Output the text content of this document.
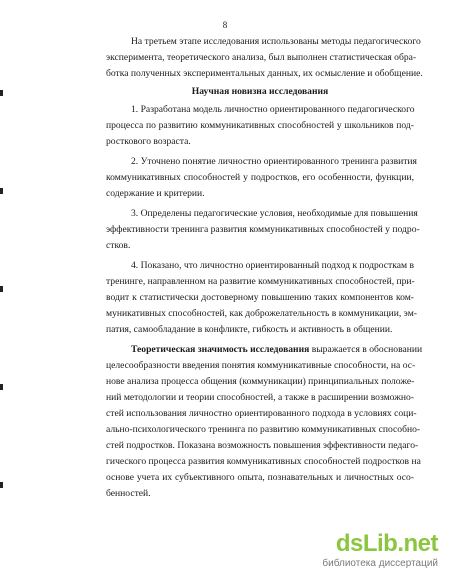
8
На третьем этапе исследования использованы методы педагогического
эксперимента, теоретического анализа, был выполнен статистическая обра-
ботка полученных экспериментальных данных, их осмысление и обобщение.
Научная новизна исследования
1. Разработана модель личностно ориентированного педагогического
процесса по развитию коммуникативных способностей у школьников под-
росткового возраста.
2. Уточнено понятие личностно ориентированного тренинга развития
коммуникативных способностей у подростков, его особенности, функции,
содержание и критерии.
3. Определены педагогические условия, необходимые для повышения
эффективности тренинга развития коммуникативных способностей у подро-
стков.
4. Показано, что личностно ориентированный подход к подросткам в
тренинге, направленном на развитие коммуникативных способностей, при-
водит к статистически достоверному повышению таких компонентов ком-
муникативных способностей, как доброжелательность в коммуникации, эм-
патия, самообладание в конфликте, гибкость и активность в общении.
Теоретическая значимость исследования выражается в обосновании
целесообразности введения понятия коммуникативные способности, на ос-
нове анализа процесса общения (коммуникации) принципиальных положе-
ний методологии и теории способностей, а также в расширении возможно-
стей использования личностно ориентированного подхода в условиях соци-
ально-психологического тренинга по развитию коммуникативных способно-
стей подростков. Показана возможность повышения эффективности педаго-
гического процесса развития коммуникативных способностей подростков на
основе учета их субъективного опыта, познавательных и личностных осо-
бенностей.
dsLib.net
библиотека диссертаций
